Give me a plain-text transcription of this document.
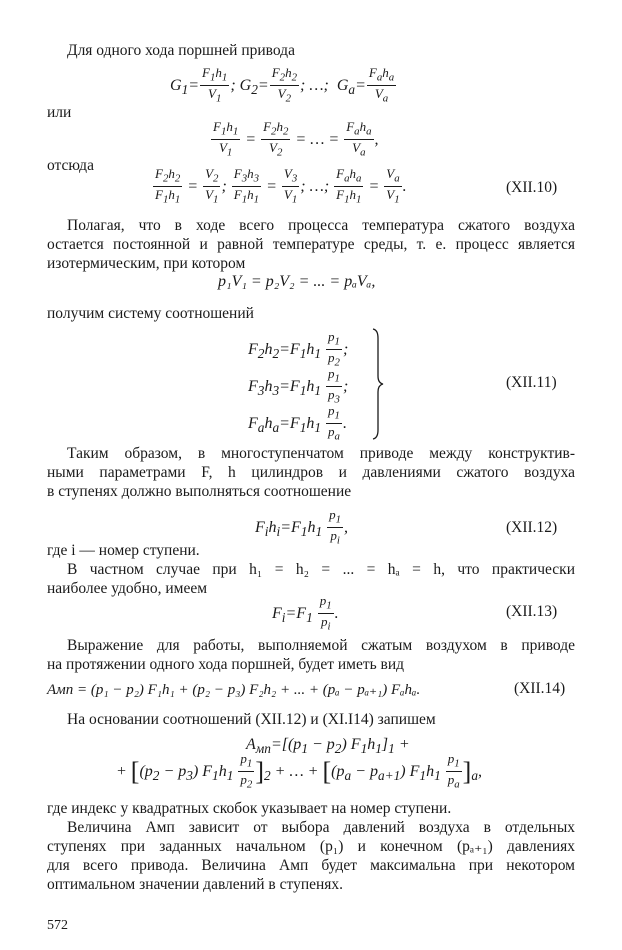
Для одного хода поршней привода
$G_1= \frac{F_1h_1}{V_1}$ ; $G_2= \frac{F_2h_2}{V_2}$ ; …;  $G_a= \frac{F_ah_a}{V_a}$
или
$\frac{F_1h_1}{V_1} = \frac{F_2h_2}{V_2}$ = … = $\frac{F_ah_a}{V_a}$ ,
отсюда
$\frac{F_2h_2}{F_1h_1} = \frac{V_2}{V_1}$ ; $\frac{F_3h_3}{F_1h_1} = \frac{V_3}{V_1}$ ; …; $\frac{F_ah_a}{F_1h_1} = \frac{V_a}{V_1}$ .	(XII.10)
Полагая, что в ходе всего процесса температура сжатого воздуха
остается постоянной и равной температуре среды, т. е. процесс является
изотермическим, при котором
p₁V₁ = p₂V₂ = ... = pₐVₐ,
получим систему соотношений
$F_2h_2=F_1h_1 \frac{p_1}{p_2}$ ;
$F_3h_3=F_1h_1 \frac{p_1}{p_3}$ ;
$F_ah_a=F_1h_1 \frac{p_1}{p_a}$ .
(XII.11)
Таким образом, в многоступенчатом приводе между конструктив-
ными параметрами F, h цилиндров и давлениями сжатого воздуха
в ступенях должно выполняться соотношение
$F_ih_i=F_1h_1 \frac{p_1}{p_i}$ ,	(XII.12)
где i — номер ступени.
В частном случае при h₁ = h₂ = ... = hₐ = h, что практически
наиболее удобно, имеем
$F_i=F_1 \frac{p_1}{p_i}$ .	(XII.13)
Выражение для работы, выполняемой сжатым воздухом в приводе
на протяжении одного хода поршней, будет иметь вид
Aмп = (p₁ − p₂) F₁h₁ + (p₂ − p₃) F₂h₂ + ... + (pₐ − pₐ₊₁) Fₐhₐ.	(XII.14)
На основании соотношений (XII.12) и (XI.I14) запишем
$A_{мп}=[(p_1 - p_2) F_1h_1]_1$ +
+ [$(p_2 - p_3)$ $F_1h_1 \frac{p_1}{p_2} ]_2$ + … + [$(p_a - p_{a+1})$ $F_1h_1 \frac{p_1}{p_a} ]_a$,
где индекс у квадратных скобок указывает на номер ступени.
Величина Aмп зависит от выбора давлений воздуха в отдельных
ступенях при заданных начальном (p₁) и конечном (pₐ₊₁) давлениях
для всего привода. Величина Aмп будет максимальна при некотором
оптимальном значении давлений в ступенях.
572
